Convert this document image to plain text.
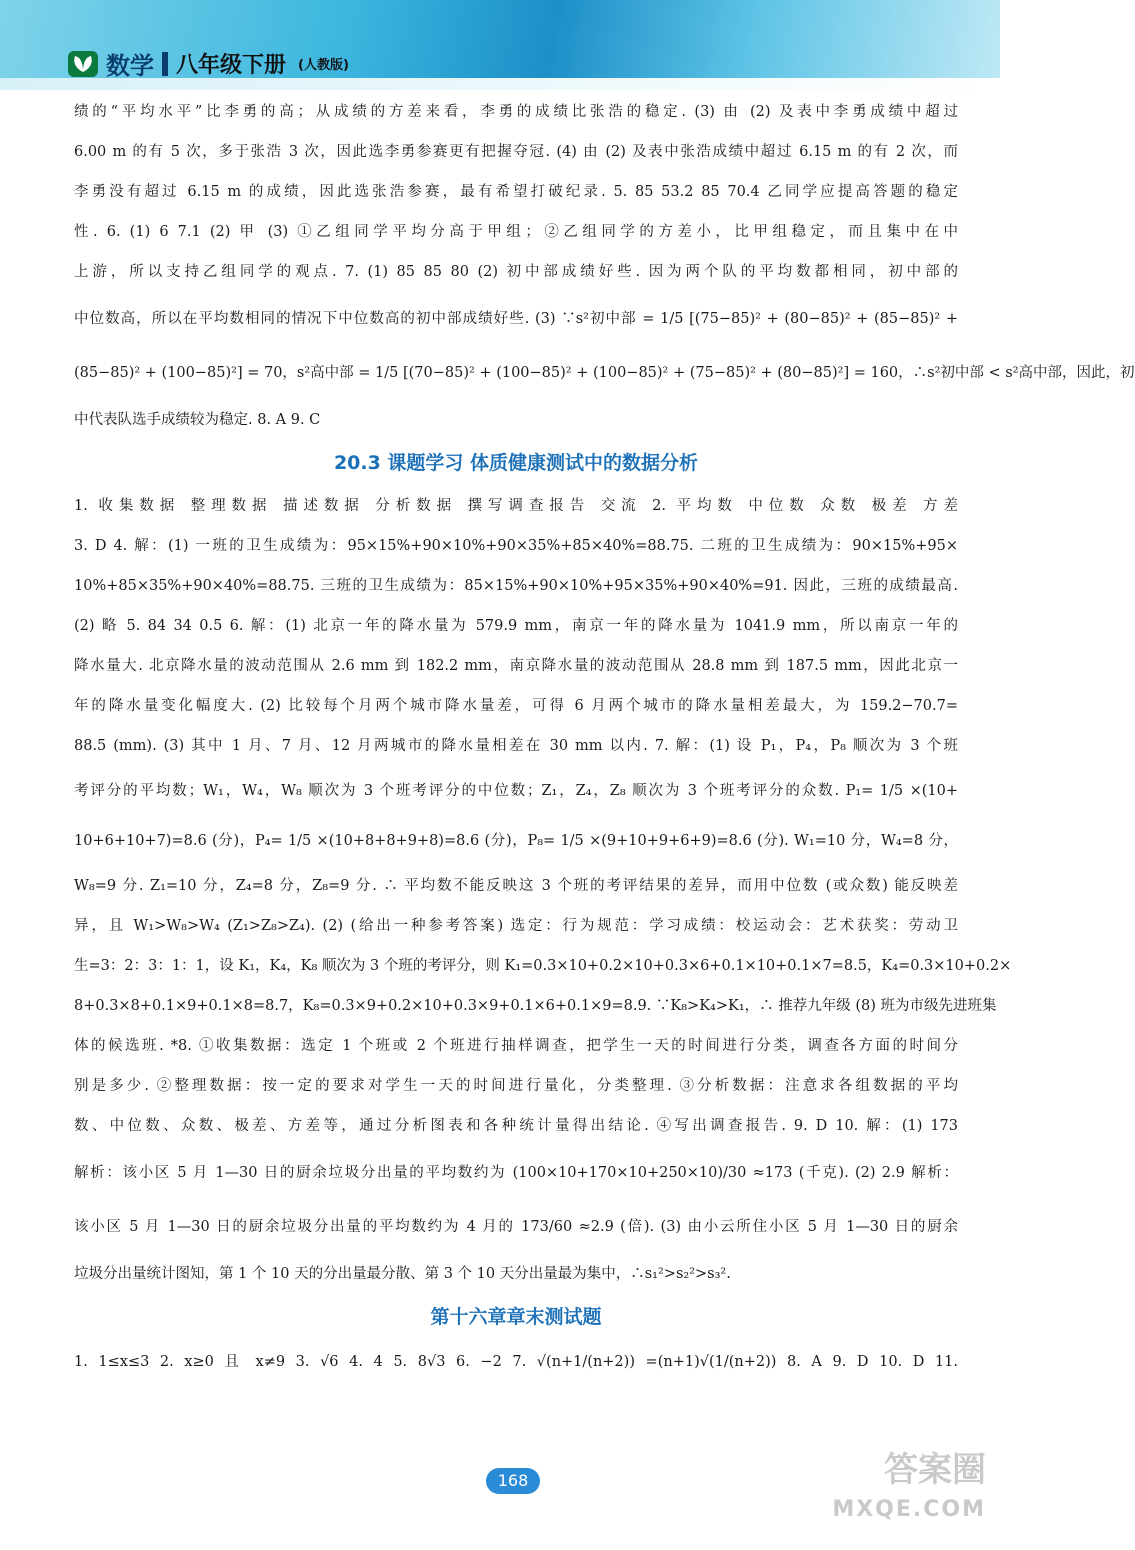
数学 八年级下册 (人教版)

绩的“平均水平”比李勇的高；从成绩的方差来看，李勇的成绩比张浩的稳定. (3) 由 (2) 及表中李勇成绩中超过

6.00 m 的有 5 次，多于张浩 3 次，因此选李勇参赛更有把握夺冠. (4) 由 (2) 及表中张浩成绩中超过 6.15 m 的有 2 次，而

李勇没有超过 6.15 m 的成绩，因此选张浩参赛，最有希望打破纪录. 5. 85 53.2 85 70.4 乙同学应提高答题的稳定

性. 6. (1) 6 7.1 (2) 甲 (3) ①乙组同学平均分高于甲组；②乙组同学的方差小，比甲组稳定，而且集中在中

上游，所以支持乙组同学的观点. 7. (1) 85 85 80 (2) 初中部成绩好些. 因为两个队的平均数都相同，初中部的

中位数高，所以在平均数相同的情况下中位数高的初中部成绩好些. (3) ∵s²初中部 = 1/5 [(75−85)² + (80−85)² + (85−85)² +

(85−85)² + (100−85)²] = 70，s²高中部 = 1/5 [(70−85)² + (100−85)² + (100−85)² + (75−85)² + (80−85)²] = 160，∴s²初中部 < s²高中部，因此，初

中代表队选手成绩较为稳定. 8. A 9. C

20.3 课题学习 体质健康测试中的数据分析

1. 收集数据 整理数据 描述数据 分析数据 撰写调查报告 交流 2. 平均数 中位数 众数 极差 方差

3. D 4. 解：(1) 一班的卫生成绩为：95×15%+90×10%+90×35%+85×40%=88.75. 二班的卫生成绩为：90×15%+95×

10%+85×35%+90×40%=88.75. 三班的卫生成绩为：85×15%+90×10%+95×35%+90×40%=91. 因此，三班的成绩最高.

(2) 略 5. 84 34 0.5 6. 解：(1) 北京一年的降水量为 579.9 mm，南京一年的降水量为 1041.9 mm，所以南京一年的

降水量大. 北京降水量的波动范围从 2.6 mm 到 182.2 mm，南京降水量的波动范围从 28.8 mm 到 187.5 mm，因此北京一

年的降水量变化幅度大. (2) 比较每个月两个城市降水量差，可得 6 月两个城市的降水量相差最大，为 159.2−70.7=

88.5 (mm). (3) 其中 1 月、7 月、12 月两城市的降水量相差在 30 mm 以内. 7. 解：(1) 设 P₁，P₄，P₈ 顺次为 3 个班

考评分的平均数；W₁，W₄，W₈ 顺次为 3 个班考评分的中位数；Z₁，Z₄，Z₈ 顺次为 3 个班考评分的众数. P₁= 1/5 ×(10+

10+6+10+7)=8.6 (分)，P₄= 1/5 ×(10+8+8+9+8)=8.6 (分)，P₈= 1/5 ×(9+10+9+6+9)=8.6 (分). W₁=10 分，W₄=8 分，

W₈=9 分. Z₁=10 分，Z₄=8 分，Z₈=9 分. ∴ 平均数不能反映这 3 个班的考评结果的差异，而用中位数 (或众数) 能反映差

异，且 W₁>W₈>W₄ (Z₁>Z₈>Z₄). (2) (给出一种参考答案) 选定：行为规范：学习成绩：校运动会：艺术获奖：劳动卫

生=3：2：3：1：1，设 K₁，K₄，K₈ 顺次为 3 个班的考评分，则 K₁=0.3×10+0.2×10+0.3×6+0.1×10+0.1×7=8.5，K₄=0.3×10+0.2×

8+0.3×8+0.1×9+0.1×8=8.7，K₈=0.3×9+0.2×10+0.3×9+0.1×6+0.1×9=8.9. ∵K₈>K₄>K₁，∴ 推荐九年级 (8) 班为市级先进班集

体的候选班. *8. ①收集数据：选定 1 个班或 2 个班进行抽样调查，把学生一天的时间进行分类，调查各方面的时间分

别是多少. ②整理数据：按一定的要求对学生一天的时间进行量化，分类整理. ③分析数据：注意求各组数据的平均

数、中位数、众数、极差、方差等，通过分析图表和各种统计量得出结论. ④写出调查报告. 9. D 10. 解：(1) 173

解析：该小区 5 月 1—30 日的厨余垃圾分出量的平均数约为 (100×10+170×10+250×10)/30 ≈173 (千克). (2) 2.9 解析：

该小区 5 月 1—30 日的厨余垃圾分出量的平均数约为 4 月的 173/60 ≈2.9 (倍). (3) 由小云所住小区 5 月 1—30 日的厨余

垃圾分出量统计图知，第 1 个 10 天的分出量最分散、第 3 个 10 天分出量最为集中，∴s₁²>s₂²>s₃².

第十六章章末测试题

1. 1≤x≤3 2. x≥0 且 x≠9 3. √6 4. 4 5. 8√3 6. −2 7. √(n+1/(n+2)) =(n+1)√(1/(n+2)) 8. A 9. D 10. D 11.

168	答案圈
MXQE.COM
